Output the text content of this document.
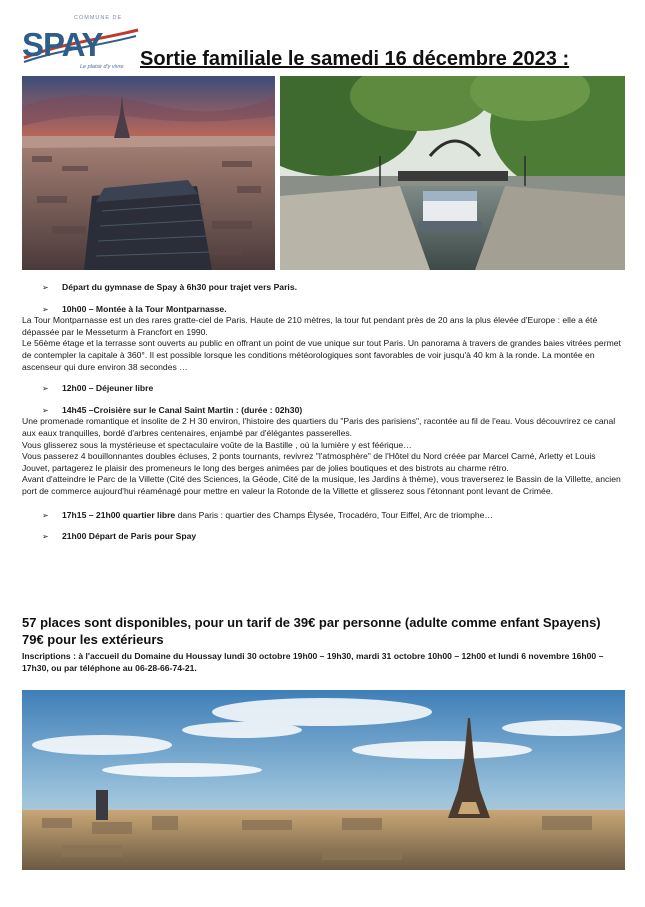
COMMUNE DE
SPAY
Le plaisir d'y vivre Sortie familiale le samedi 16 décembre 2023 :
➢ Départ du gymnase de Spay à 6h30 pour trajet vers Paris.
➢ 10h00 – Montée à la Tour Montparnasse.

La Tour Montparnasse est un des rares gratte-ciel de Paris. Haute de 210 mètres, la tour fut pendant près de 20 ans la plus élevée d'Europe : elle a été dépassée par le Messeturm à Francfort en 1990.

Le 56ème étage et la terrasse sont ouverts au public en offrant un point de vue unique sur tout Paris. Un panorama à travers de grandes baies vitrées permet de contempler la capitale à 360°. Il est possible lorsque les conditions météorologiques sont favorables de voir jusqu'à 40 km à la ronde. La montée en ascenseur qui dure environ 38 secondes …

➢ 12h00 – Déjeuner libre
➢ 14h45 –Croisière sur le Canal Saint Martin : (durée : 02h30)

Une promenade romantique et insolite de 2 H 30 environ, l'histoire des quartiers du "Paris des parisiens", racontée au fil de l'eau. Vous découvrirez ce canal aux eaux tranquilles, bordé d'arbres centenaires, enjambé par d'élégantes passerelles.

Vous glisserez sous la mystérieuse et spectaculaire voûte de la Bastille , où la lumière y est féérique…

Vous passerez 4 bouillonnantes doubles écluses, 2 ponts tournants, revivrez "l'atmosphère" de l'Hôtel du Nord créée par Marcel Carné, Arletty et Louis Jouvet, partagerez le plaisir des promeneurs le long des berges animées par de jolies boutiques et des bistrots au charme rétro.

Avant d'atteindre le Parc de la Villette (Cité des Sciences, la Géode, Cité de la musique, les Jardins à thème), vous traverserez le Bassin de la Villette, ancien port de commerce aujourd'hui réaménagé pour mettre en valeur la Rotonde de la Villette et glisserez sous l'étonnant pont levant de Crimée.

➢ 17h15 – 21h00 quartier libre dans Paris : quartier des Champs Élysée, Trocadéro, Tour Eiffel, Arc de triomphe…
➢ 21h00 Départ de Paris pour Spay
57 places sont disponibles, pour un tarif de 39€ par personne (adulte comme enfant Spayens)
79€ pour les extérieurs
Inscriptions : à l'accueil du Domaine du Houssay lundi 30 octobre 19h00 – 19h30, mardi 31 octobre 10h00 – 12h00 et lundi 6 novembre 16h00 – 17h30, ou par téléphone au 06-28-66-74-21.
